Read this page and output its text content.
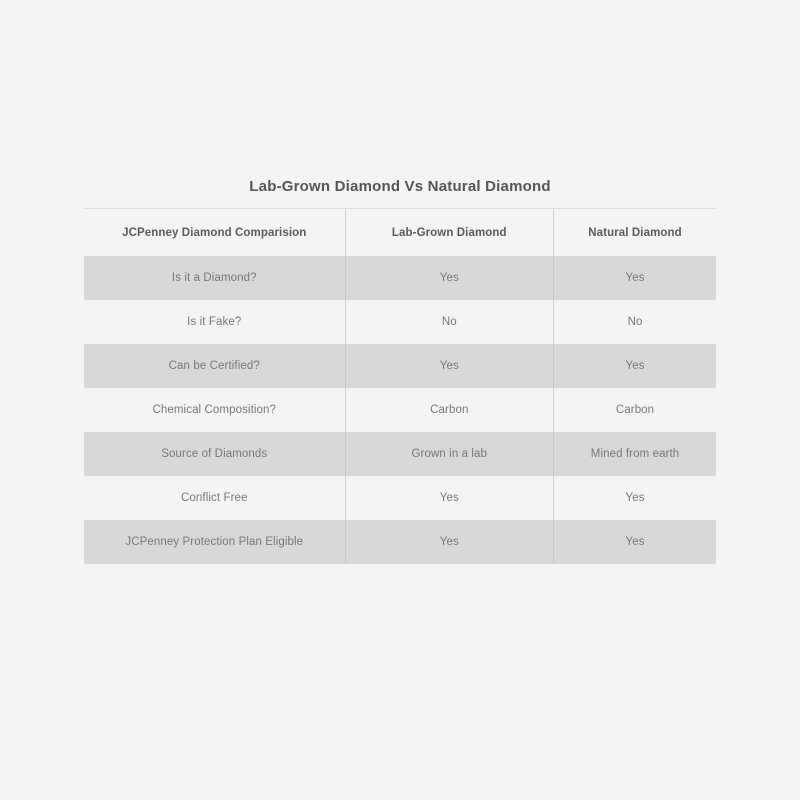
Lab-Grown Diamond Vs Natural Diamond
JCPenney Diamond Comparision	Lab-Grown Diamond	Natural Diamond
Is it a Diamond?	Yes	Yes
Is it Fake?	No	No
Can be Certified?	Yes	Yes
Chemical Composition?	Carbon	Carbon
Source of Diamonds	Grown in a lab	Mined from earth
Conflict Free	Yes	Yes
JCPenney Protection Plan Eligible	Yes	Yes
